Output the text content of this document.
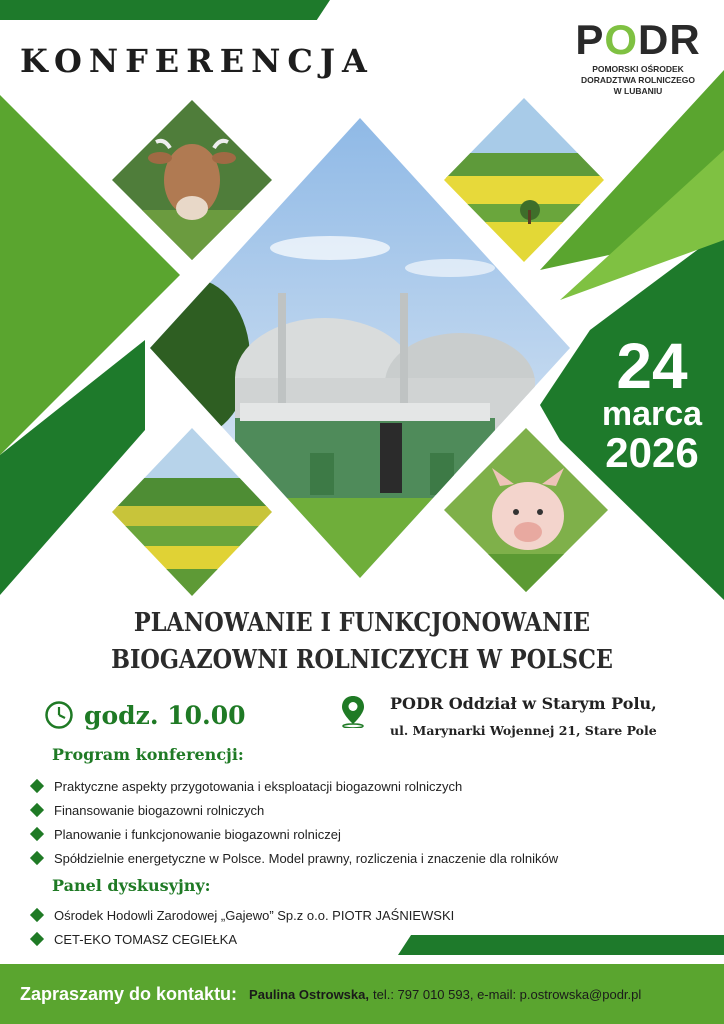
KONFERENCJA	PODR
POMORSKI OŚRODEK
DORADZTWA ROLNICZEGO
W LUBANIU
24
marca
2026
PLANOWANIE I FUNKCJONOWANIE
BIOGAZOWNI ROLNICZYCH W POLSCE
godz. 10.00	PODR Oddział w Starym Polu,
ul. Marynarki Wojennej 21, Stare Pole
Program konferencji:
Praktyczne aspekty przygotowania i eksploatacji biogazowni rolniczych
Finansowanie biogazowni rolniczych
Planowanie i funkcjonowanie biogazowni rolniczej
Spółdzielnie energetyczne w Polsce. Model prawny, rozliczenia i znaczenie dla rolników
Panel dyskusyjny:
Ośrodek Hodowli Zarodowej „Gajewo” Sp.z o.o. PIOTR JAŚNIEWSKI
CET-EKO TOMASZ CEGIEŁKA
Zapraszamy do kontaktu: Paulina Ostrowska, tel.: 797 010 593, e-mail: p.ostrowska@podr.pl
